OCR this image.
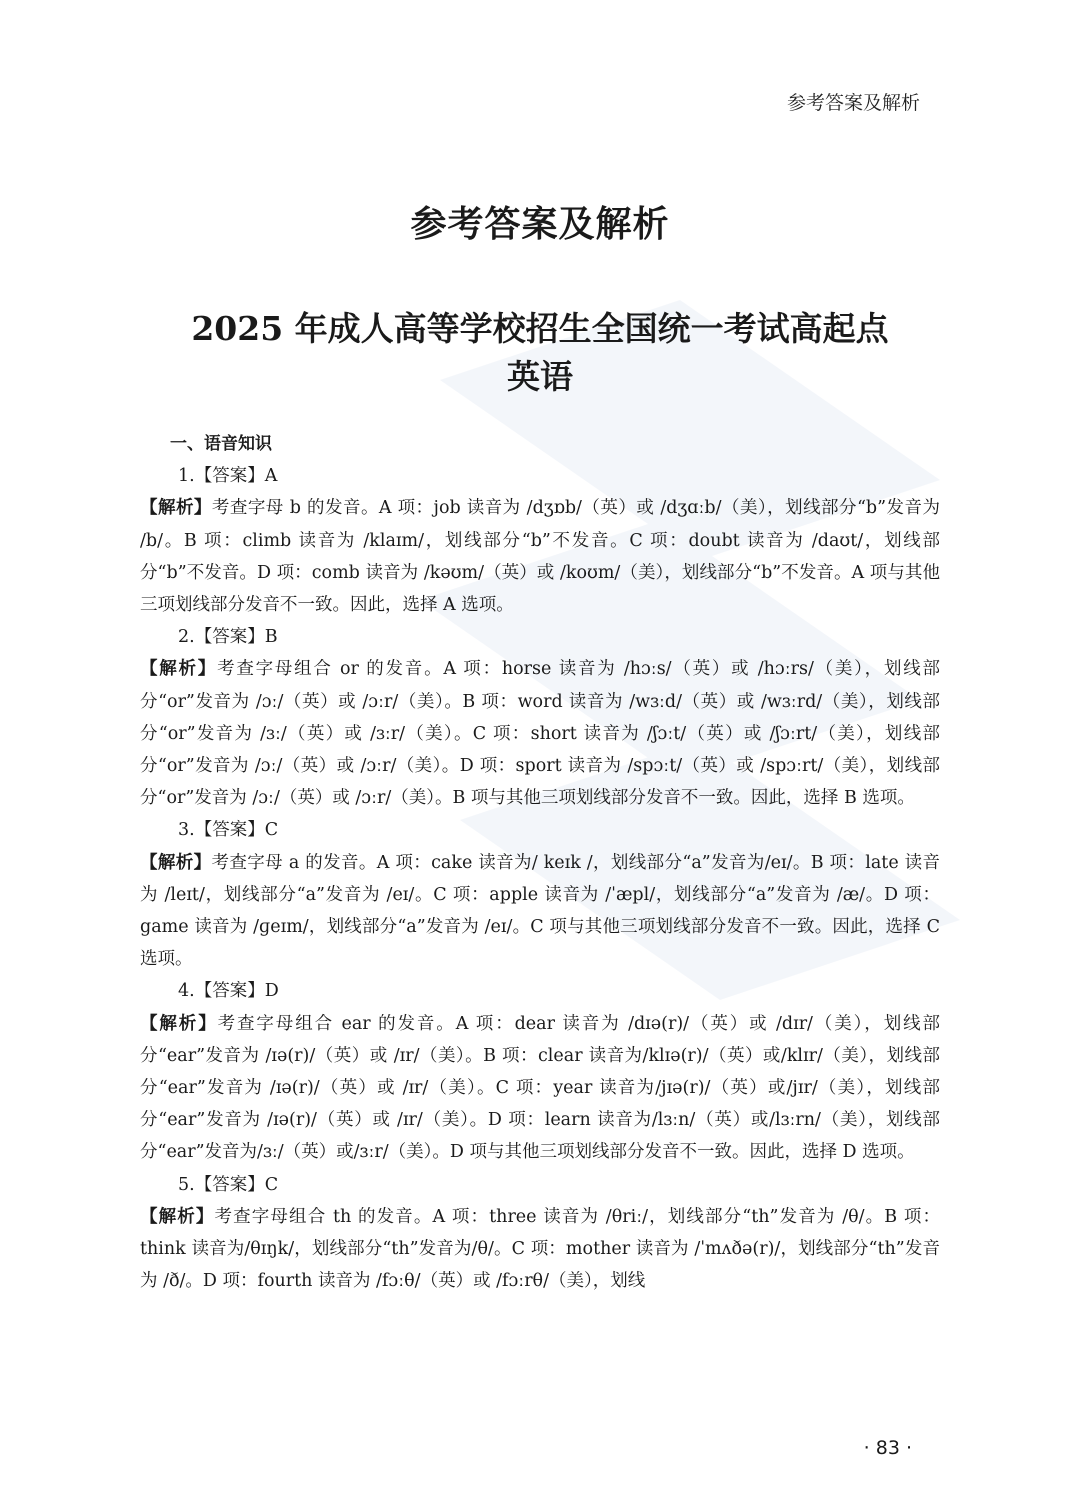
参考答案及解析
参考答案及解析
2025 年成人高等学校招生全国统一考试高起点
英语
一、语音知识
1.【答案】A
【解析】考查字母 b 的发音。A 项：job 读音为 /dʒɒb/（英）或 /dʒɑːb/（美），划线部分“b”发音为 /b/。B 项：climb 读音为 /klaɪm/，划线部分“b”不发音。C 项：doubt 读音为 /daʊt/，划线部分“b”不发音。D 项：comb 读音为 /kəʊm/（英）或 /koʊm/（美），划线部分“b”不发音。A 项与其他三项划线部分发音不一致。因此，选择 A 选项。
2.【答案】B
【解析】考查字母组合 or 的发音。A 项：horse 读音为 /hɔːs/（英）或 /hɔːrs/（美），划线部分“or”发音为 /ɔː/（英）或 /ɔːr/（美）。B 项：word 读音为 /wɜːd/（英）或 /wɜːrd/（美），划线部分“or”发音为 /ɜː/（英）或 /ɜːr/（美）。C 项：short 读音为 /ʃɔːt/（英）或 /ʃɔːrt/（美），划线部分“or”发音为 /ɔː/（英）或 /ɔːr/（美）。D 项：sport 读音为 /spɔːt/（英）或 /spɔːrt/（美），划线部分“or”发音为 /ɔː/（英）或 /ɔːr/（美）。B 项与其他三项划线部分发音不一致。因此，选择 B 选项。
3.【答案】C
【解析】考查字母 a 的发音。A 项：cake 读音为/ keɪk /，划线部分“a”发音为/eɪ/。B 项：late 读音为 /leɪt/，划线部分“a”发音为 /eɪ/。C 项：apple 读音为 /ˈæpl/，划线部分“a”发音为 /æ/。D 项：game 读音为 /ɡeɪm/，划线部分“a”发音为 /eɪ/。C 项与其他三项划线部分发音不一致。因此，选择 C 选项。
4.【答案】D
【解析】考查字母组合 ear 的发音。A 项：dear 读音为 /dɪə(r)/（英）或 /dɪr/（美），划线部分“ear”发音为 /ɪə(r)/（英）或 /ɪr/（美）。B 项：clear 读音为/klɪə(r)/（英）或/klɪr/（美），划线部分“ear”发音为 /ɪə(r)/（英）或 /ɪr/（美）。C 项：year 读音为/jɪə(r)/（英）或/jɪr/（美），划线部分“ear”发音为 /ɪə(r)/（英）或 /ɪr/（美）。D 项：learn 读音为/lɜːn/（英）或/lɜːrn/（美），划线部分“ear”发音为/ɜː/（英）或/ɜːr/（美）。D 项与其他三项划线部分发音不一致。因此，选择 D 选项。
5.【答案】C
【解析】考查字母组合 th 的发音。A 项：three 读音为 /θriː/，划线部分“th”发音为 /θ/。B 项：think 读音为/θɪŋk/，划线部分“th”发音为/θ/。C 项：mother 读音为 /ˈmʌðə(r)/，划线部分“th”发音为 /ð/。D 项：fourth 读音为 /fɔːθ/（英）或 /fɔːrθ/（美），划线
· 83 ·
